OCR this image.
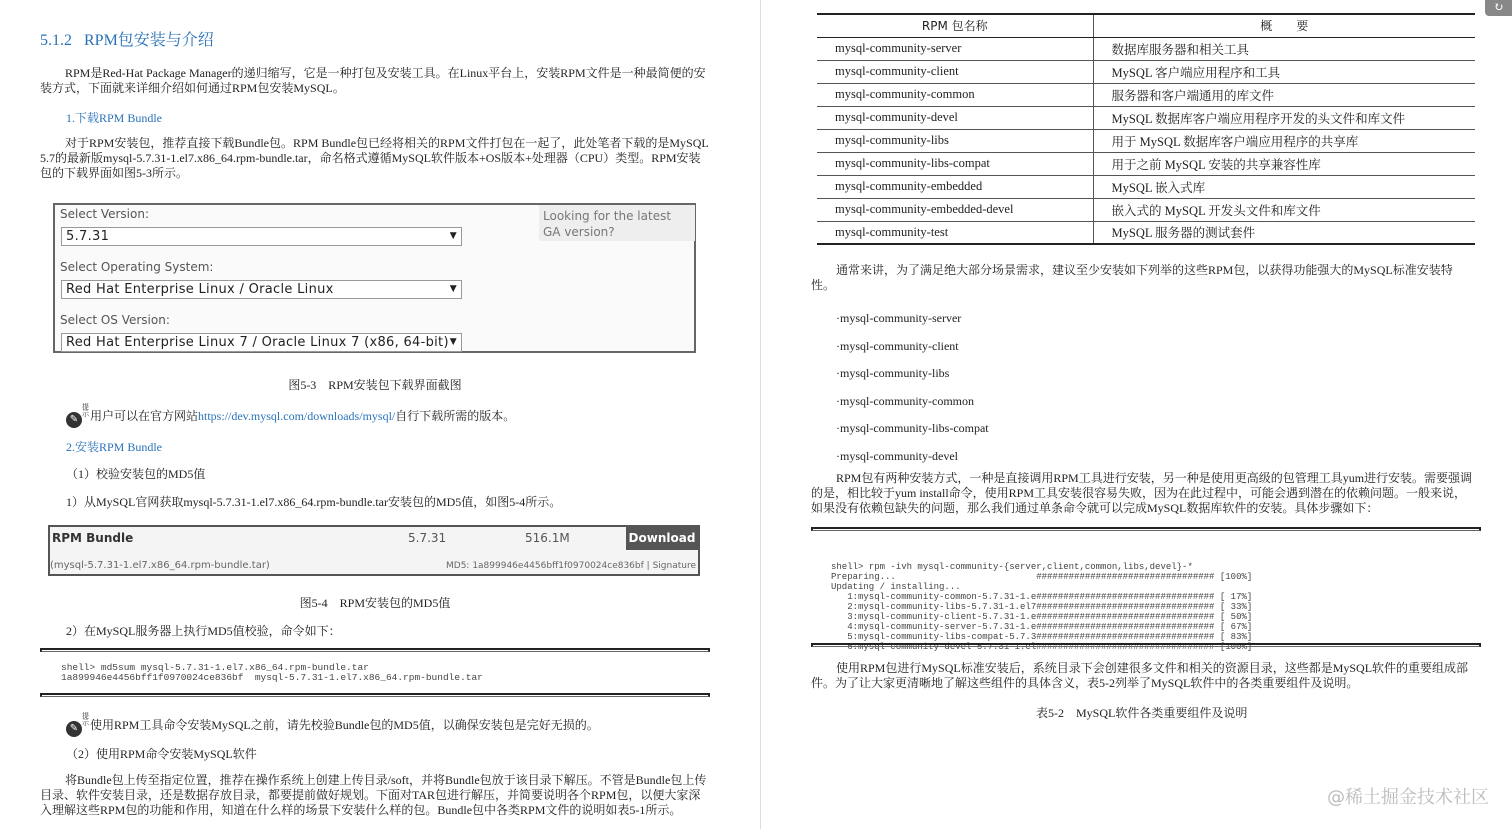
5.1.2 RPM包安装与介绍
RPM是Red-Hat Package Manager的递归缩写，它是一种打包及安装工具。在Linux平台上，安装RPM文件是一种最简便的安装方式，下面就来详细介绍如何通过RPM包安装MySQL。
1.下载RPM Bundle
对于RPM安装包，推荐直接下载Bundle包。RPM Bundle包已经将相关的RPM文件打包在一起了，此处笔者下载的是MySQL 5.7的最新版mysql-5.7.31-1.el7.x86_64.rpm-bundle.tar，命名格式遵循MySQL软件版本+OS版本+处理器（CPU）类型。RPM安装包的下载界面如图5-3所示。
Select Version:
5.7.31	▼
Select Operating System:
Red Hat Enterprise Linux / Oracle Linux	▼
Select OS Version:
Red Hat Enterprise Linux 7 / Oracle Linux 7 (x86, 64-bit) ▼
Looking for the latest GA version?
图5-3　RPM安装包下载界面截图
✎提示用户可以在官方网站https://dev.mysql.com/downloads/mysql/自行下载所需的版本。
2.安装RPM Bundle
（1）校验安装包的MD5值
1）从MySQL官网获取mysql-5.7.31-1.el7.x86_64.rpm-bundle.tar安装包的MD5值，如图5-4所示。
RPM Bundle	5.7.31	516.1M	Download
(mysql-5.7.31-1.el7.x86_64.rpm-bundle.tar)	MD5: 1a899946e4456bff1f0970024ce836bf | Signature
图5-4　RPM安装包的MD5值
2）在MySQL服务器上执行MD5值校验，命令如下：
shell> md5sum mysql-5.7.31-1.el7.x86_64.rpm-bundle.tar
1a899946e4456bff1f0970024ce836bf  mysql-5.7.31-1.el7.x86_64.rpm-bundle.tar
✎提示使用RPM工具命令安装MySQL之前，请先校验Bundle包的MD5值，以确保安装包是完好无损的。
（2）使用RPM命令安装MySQL软件
将Bundle包上传至指定位置，推荐在操作系统上创建上传目录/soft，并将Bundle包放于该目录下解压。不管是Bundle包上传目录、软件安装目录，还是数据存放目录，都要提前做好规划。下面对TAR包进行解压，并简要说明各个RPM包，以便大家深入理解这些RPM包的功能和作用，知道在什么样的场景下安装什么样的包。Bundle包中各类RPM文件的说明如表5-1所示。
↻
RPM 包名称	概　　要
mysql-community-server	数据库服务器和相关工具
mysql-community-client	MySQL 客户端应用程序和工具
mysql-community-common	服务器和客户端通用的库文件
mysql-community-devel	MySQL 数据库客户端应用程序开发的头文件和库文件
mysql-community-libs	用于 MySQL 数据库客户端应用程序的共享库
mysql-community-libs-compat	用于之前 MySQL 安装的共享兼容性库
mysql-community-embedded	MySQL 嵌入式库
mysql-community-embedded-devel	嵌入式的 MySQL 开发头文件和库文件
mysql-community-test	MySQL 服务器的测试套件
通常来讲，为了满足绝大部分场景需求，建议至少安装如下列举的这些RPM包，以获得功能强大的MySQL标准安装特性。
·mysql-community-server
·mysql-community-client
·mysql-community-libs
·mysql-community-common
·mysql-community-libs-compat
·mysql-community-devel
RPM包有两种安装方式，一种是直接调用RPM工具进行安装，另一种是使用更高级的包管理工具yum进行安装。需要强调的是，相比较于yum install命令，使用RPM工具安装很容易失败，因为在此过程中，可能会遇到潜在的依赖问题。一般来说，如果没有依赖包缺失的问题，那么我们通过单条命令就可以完成MySQL数据库软件的安装。具体步骤如下：

shell> rpm -ivh mysql-community-{server,client,common,libs,devel}-*
Preparing...                          ################################# [100%]
Updating / installing...
1:mysql-community-common-5.7.31-1.e################################# [ 17%]
2:mysql-community-libs-5.7.31-1.el7################################# [ 33%]
3:mysql-community-client-5.7.31-1.e################################# [ 50%]
4:mysql-community-server-5.7.31-1.e################################# [ 67%]
5:mysql-community-libs-compat-5.7.3################################# [ 83%]
6:mysql-community-devel-5.7.31-1.el################################# [100%]

使用RPM包进行MySQL标准安装后，系统目录下会创建很多文件和相关的资源目录，这些都是MySQL软件的重要组成部件。为了让大家更清晰地了解这些组件的具体含义，表5-2列举了MySQL软件中的各类重要组件及说明。
表5-2　MySQL软件各类重要组件及说明
@稀土掘金技术社区
